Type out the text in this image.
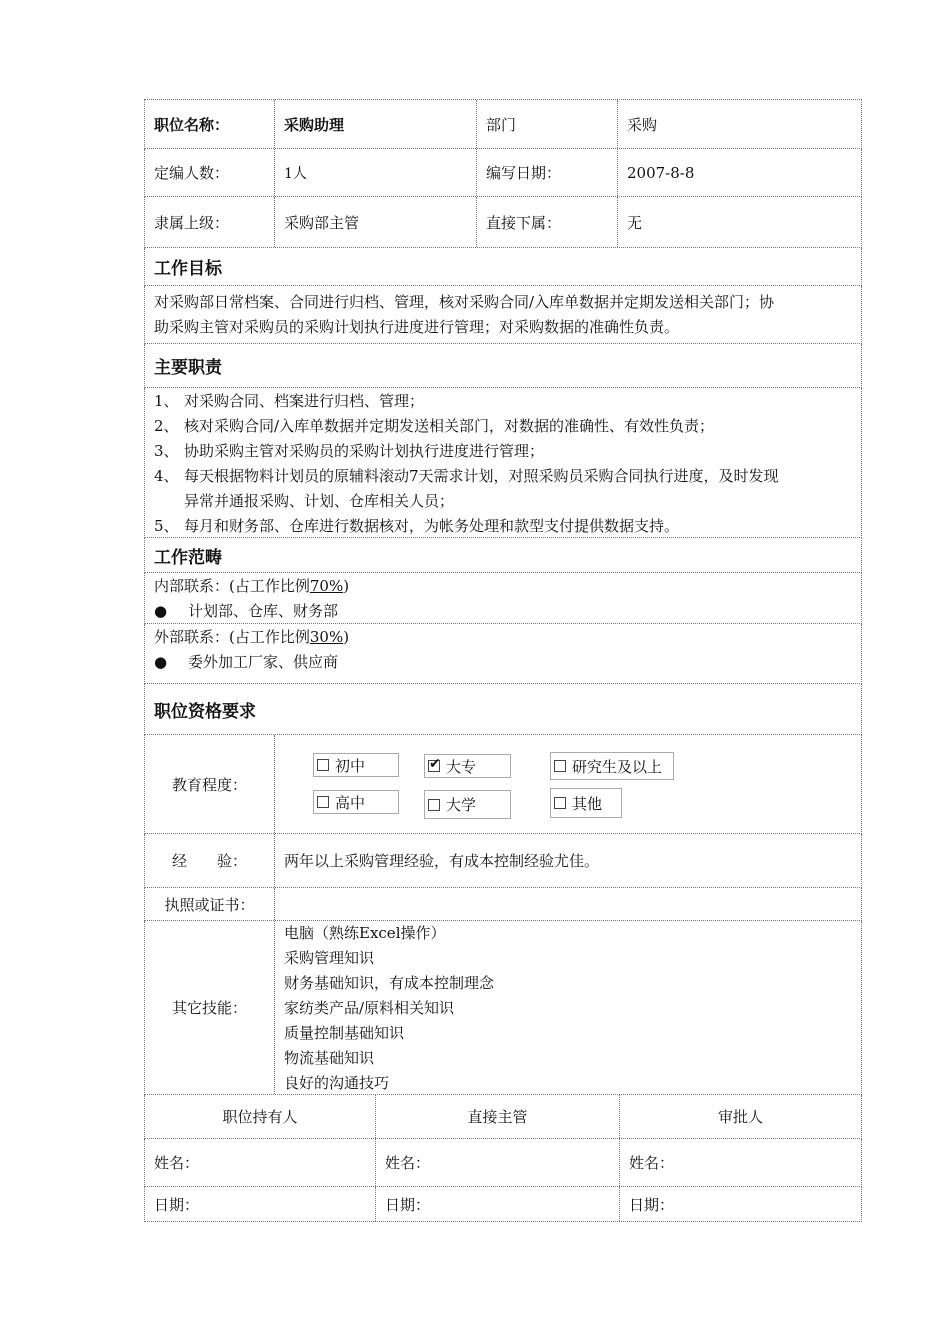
职位名称：	采购助理	部门	采购
定编人数：	1人	编写日期：	2007-8-8
隶属上级：	采购部主管	直接下属：	无
工作目标
对采购部日常档案、合同进行归档、管理，核对采购合同/入库单数据并定期发送相关部门；协
助采购主管对采购员的采购计划执行进度进行管理；对采购数据的准确性负责。
主要职责
1、 对采购合同、档案进行归档、管理；
2、 核对采购合同/入库单数据并定期发送相关部门，对数据的准确性、有效性负责；
3、 协助采购主管对采购员的采购计划执行进度进行管理；
4、 每天根据物料计划员的原辅料滚动7天需求计划，对照采购员采购合同执行进度，及时发现
异常并通报采购、计划、仓库相关人员；
5、 每月和财务部、仓库进行数据核对，为帐务处理和款型支付提供数据支持。
工作范畴
内部联系：(占工作比例70%)
● 计划部、仓库、财务部
外部联系：(占工作比例30%)
● 委外加工厂家、供应商
职位资格要求
教育程度：
初中
✔	大专	研究生及以上
高中	大学	其他
经　　验：	两年以上采购管理经验，有成本控制经验尤佳。
执照或证书：
其它技能：
电脑（熟练Excel操作）
采购管理知识
财务基础知识，有成本控制理念
家纺类产品/原料相关知识
质量控制基础知识
物流基础知识
良好的沟通技巧
职位持有人	直接主管	审批人
姓名：	姓名：	姓名：
日期：	日期：	日期：
